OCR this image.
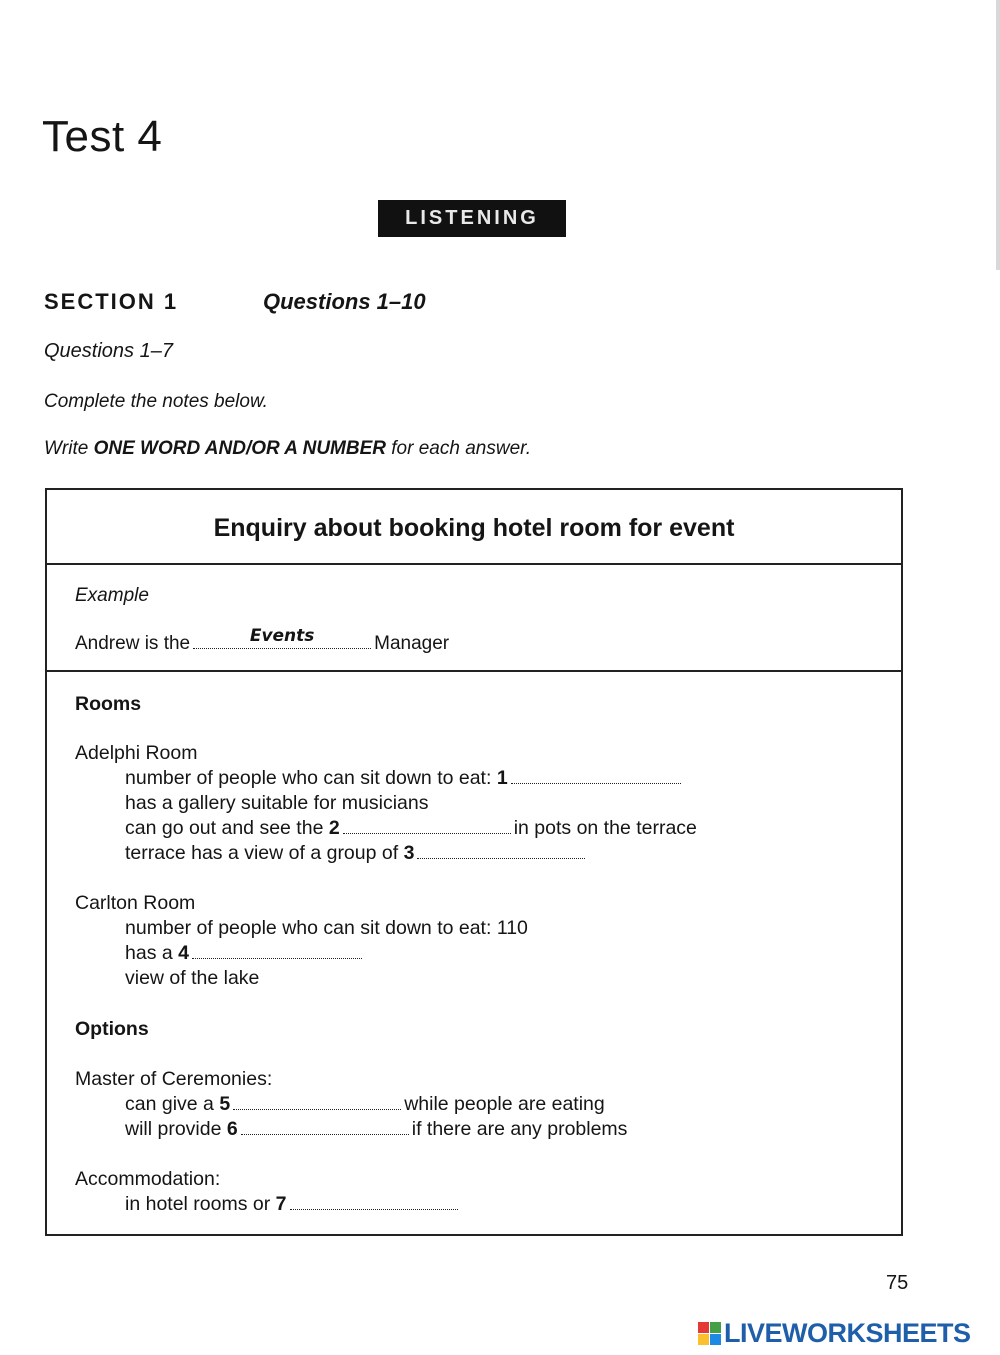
Test 4
LISTENING
SECTION 1	Questions 1–10
Questions 1–7
Complete the notes below.
Write ONE WORD AND/OR A NUMBER for each answer.
Enquiry about booking hotel room for event
Example
Andrew is the	Events	Manager
Rooms
Adelphi Room
number of people who can sit down to eat: 1
has a gallery suitable for musicians
can go out and see the 2	in pots on the terrace
terrace has a view of a group of 3
Carlton Room
number of people who can sit down to eat: 110
has a 4
view of the lake
Options
Master of Ceremonies:
can give a 5	while people are eating
will provide 6	if there are any problems
Accommodation:
in hotel rooms or 7
75
LIVEWORKSHEETS
